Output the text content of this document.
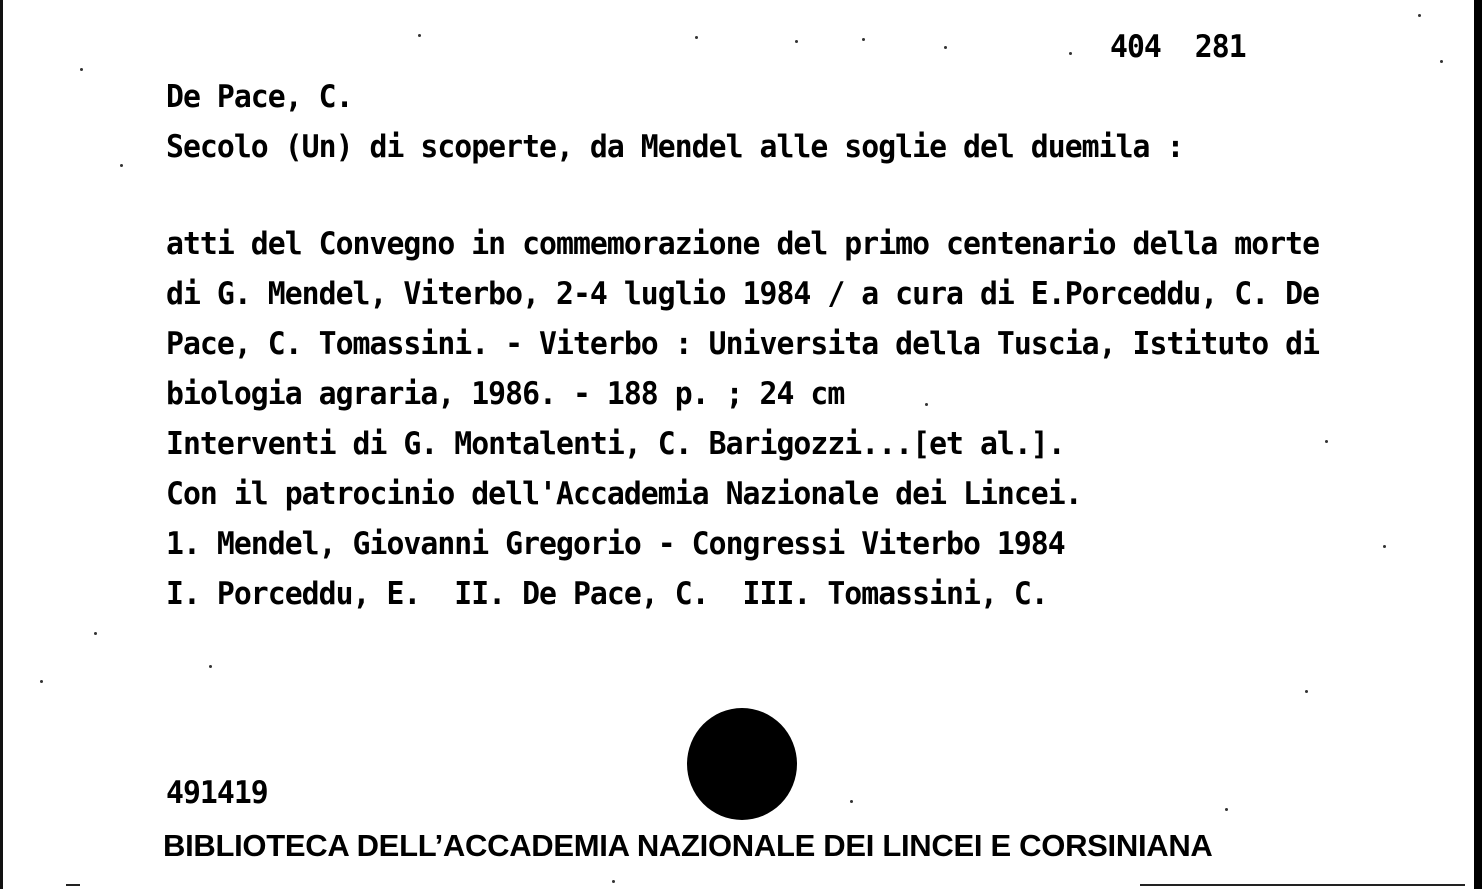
404  281
De Pace, C.
Secolo (Un) di scoperte, da Mendel alle soglie del duemila :
atti del Convegno in commemorazione del primo centenario della morte
di G. Mendel, Viterbo, 2-4 luglio 1984 / a cura di E.Porceddu, C. De
Pace, C. Tomassini. - Viterbo : Universita della Tuscia, Istituto di
biologia agraria, 1986. - 188 p. ; 24 cm
Interventi di G. Montalenti, C. Barigozzi...[et al.].
Con il patrocinio dell'Accademia Nazionale dei Lincei.
1. Mendel, Giovanni Gregorio - Congressi Viterbo 1984
I. Porceddu, E.  II. De Pace, C.  III. Tomassini, C.
491419
BIBLIOTECA DELL’ACCADEMIA NAZIONALE DEI LINCEI E CORSINIANA
